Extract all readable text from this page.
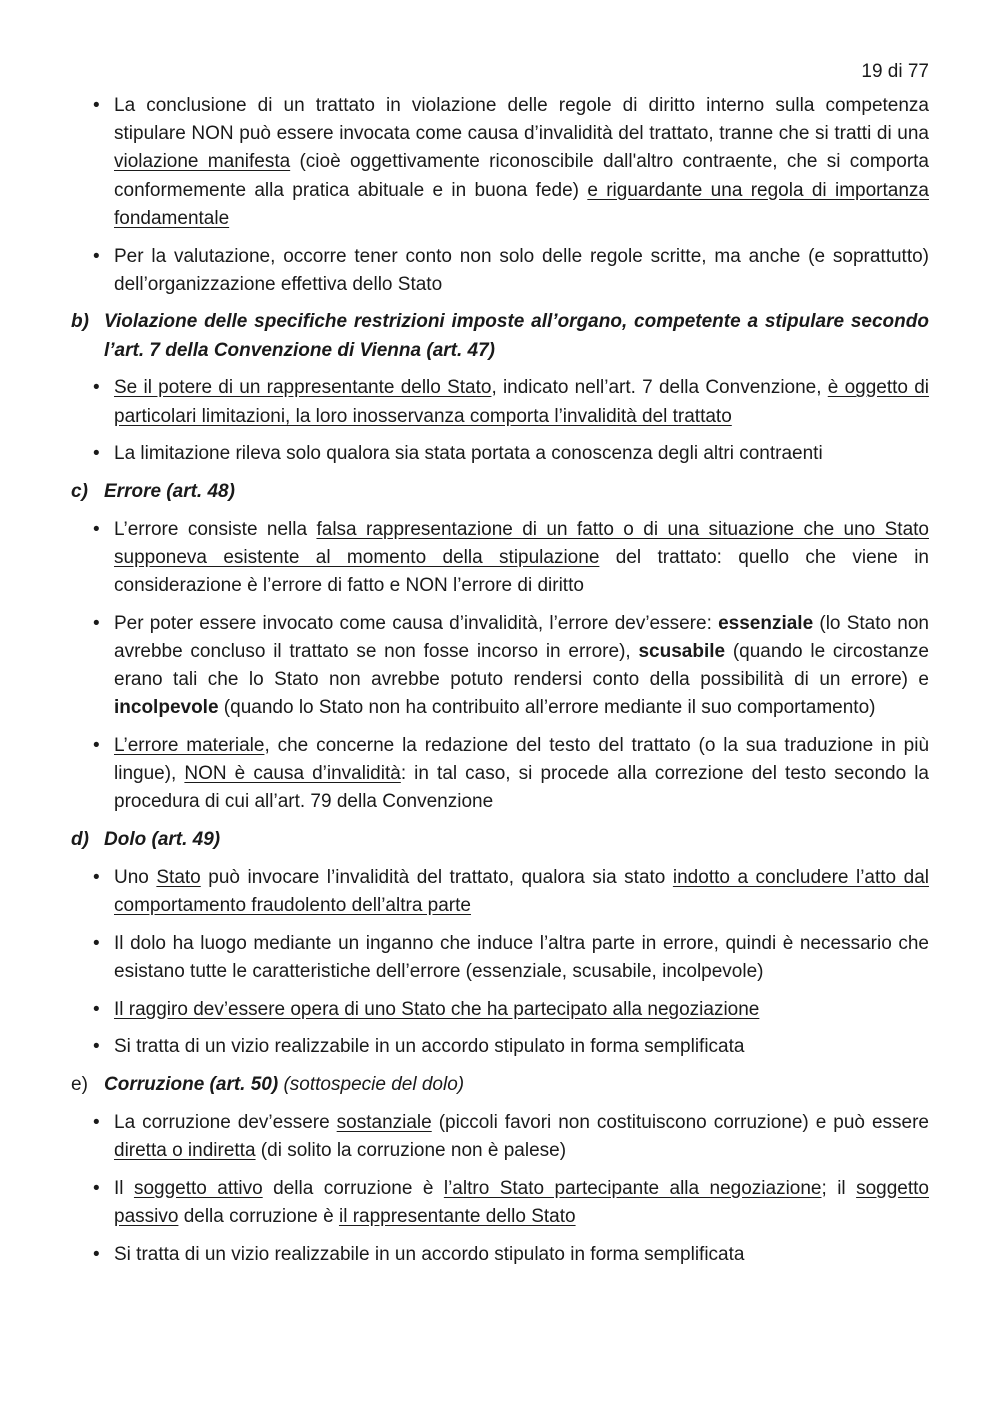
19 di 77
• La conclusione di un trattato in violazione delle regole di diritto interno sulla competenza stipulare NON può essere invocata come causa d’invalidità del trattato, tranne che si tratti di una violazione manifesta (cioè oggettivamente riconoscibile dall'altro contraente, che si comporta conformemente alla pratica abituale e in buona fede) e riguardante una regola di importanza fondamentale
• Per la valutazione, occorre tener conto non solo delle regole scritte, ma anche (e soprattutto) dell’organizzazione effettiva dello Stato
b) Violazione delle specifiche restrizioni imposte all’organo, competente a stipulare secondo l’art. 7 della Convenzione di Vienna (art. 47)
• Se il potere di un rappresentante dello Stato, indicato nell’art. 7 della Convenzione, è oggetto di particolari limitazioni, la loro inosservanza comporta l’invalidità del trattato
• La limitazione rileva solo qualora sia stata portata a conoscenza degli altri contraenti
c) Errore (art. 48)
• L’errore consiste nella falsa rappresentazione di un fatto o di una situazione che uno Stato supponeva esistente al momento della stipulazione del trattato: quello che viene in considerazione è l’errore di fatto e NON l’errore di diritto
• Per poter essere invocato come causa d’invalidità, l’errore dev’essere: essenziale (lo Stato non avrebbe concluso il trattato se non fosse incorso in errore), scusabile (quando le circostanze erano tali che lo Stato non avrebbe potuto rendersi conto della possibilità di un errore) e incolpevole (quando lo Stato non ha contribuito all’errore mediante il suo comportamento)
• L’errore materiale, che concerne la redazione del testo del trattato (o la sua traduzione in più lingue), NON è causa d’invalidità: in tal caso, si procede alla correzione del testo secondo la procedura di cui all’art. 79 della Convenzione
d) Dolo (art. 49)
• Uno Stato può invocare l’invalidità del trattato, qualora sia stato indotto a concludere l’atto dal comportamento fraudolento dell’altra parte
• Il dolo ha luogo mediante un inganno che induce l’altra parte in errore, quindi è necessario che esistano tutte le caratteristiche dell’errore (essenziale, scusabile, incolpevole)
• Il raggiro dev’essere opera di uno Stato che ha partecipato alla negoziazione
• Si tratta di un vizio realizzabile in un accordo stipulato in forma semplificata
e) Corruzione (art. 50) (sottospecie del dolo)
• La corruzione dev’essere sostanziale (piccoli favori non costituiscono corruzione) e può essere diretta o indiretta (di solito la corruzione non è palese)
• Il soggetto attivo della corruzione è l’altro Stato partecipante alla negoziazione; il soggetto passivo della corruzione è il rappresentante dello Stato
• Si tratta di un vizio realizzabile in un accordo stipulato in forma semplificata
